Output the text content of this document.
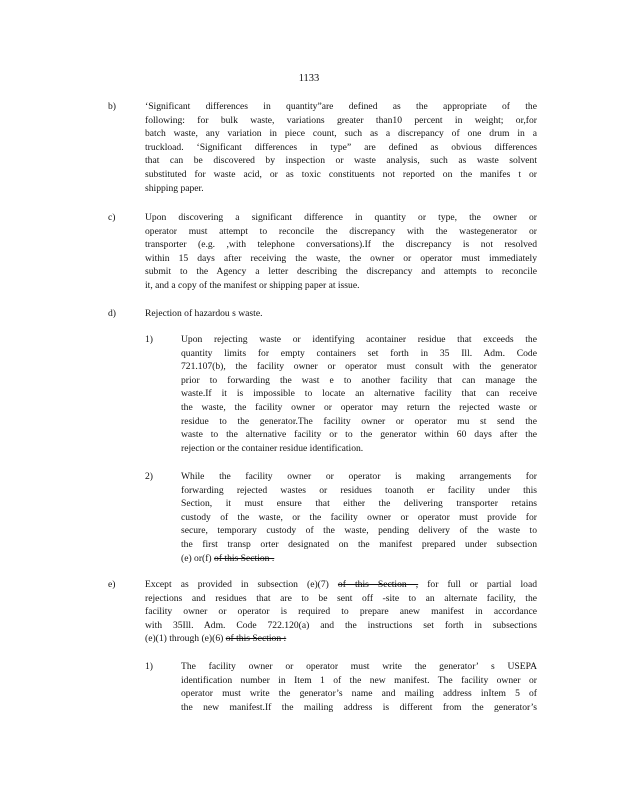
1133
b)	‘Significant differences in quantity”are defined as the appropriate of the
following: for bulk waste, variations greater than10 percent in weight; or,for
batch waste, any variation in piece count, such as a discrepancy of one drum in a
truckload. ‘Significant differences in type” are defined as obvious differences
that can be discovered by inspection or waste analysis, such as waste solvent
substituted for waste acid, or as toxic constituents not reported on the manifes t or
shipping paper.
c)	Upon discovering a significant difference in quantity or type, the owner or
operator must attempt to reconcile the discrepancy with the wastegenerator or
transporter (e.g. ,with telephone conversations).If the discrepancy is not resolved
within 15 days after receiving the waste, the owner or operator must immediately
submit to the Agency a letter describing the discrepancy and attempts to reconcile
it, and a copy of the manifest or shipping paper at issue.
d)	Rejection of hazardou s waste.
1)	Upon rejecting waste or identifying acontainer residue that exceeds the
quantity limits for empty containers set forth in 35 Ill. Adm. Code
721.107(b), the facility owner or operator must consult with the generator
prior to forwarding the wast e to another facility that can manage the
waste.If it is impossible to locate an alternative facility that can receive
the waste, the facility owner or operator may return the rejected waste or
residue to the generator.The facility owner or operator mu st send the
waste to the alternative facility or to the generator within 60 days after the
rejection or the container residue identification.
2)	While the facility owner or operator is making arrangements for
forwarding rejected wastes or residues toanoth er facility under this
Section, it must ensure that either the delivering transporter retains
custody of the waste, or the facility owner or operator must provide for
secure, temporary custody of the waste, pending delivery of the waste to
the first transp orter designated on the manifest prepared under subsection
(e) or(f) of this Section .
e)	Except as provided in subsection (e)(7) of this Section , for full or partial load
rejections and residues that are to be sent off -site to an alternate facility, the
facility owner or operator is required to prepare anew manifest in accordance
with 35Ill. Adm. Code 722.120(a) and the instructions set forth in subsections
(e)(1) through (e)(6) of this Section :
1)	The facility owner or operator must write the generator’ s USEPA
identification number in Item 1 of the new manifest. The facility owner or
operator must write the generator’s name and mailing address inItem 5 of
the new manifest.If the mailing address is different from the generator’s
